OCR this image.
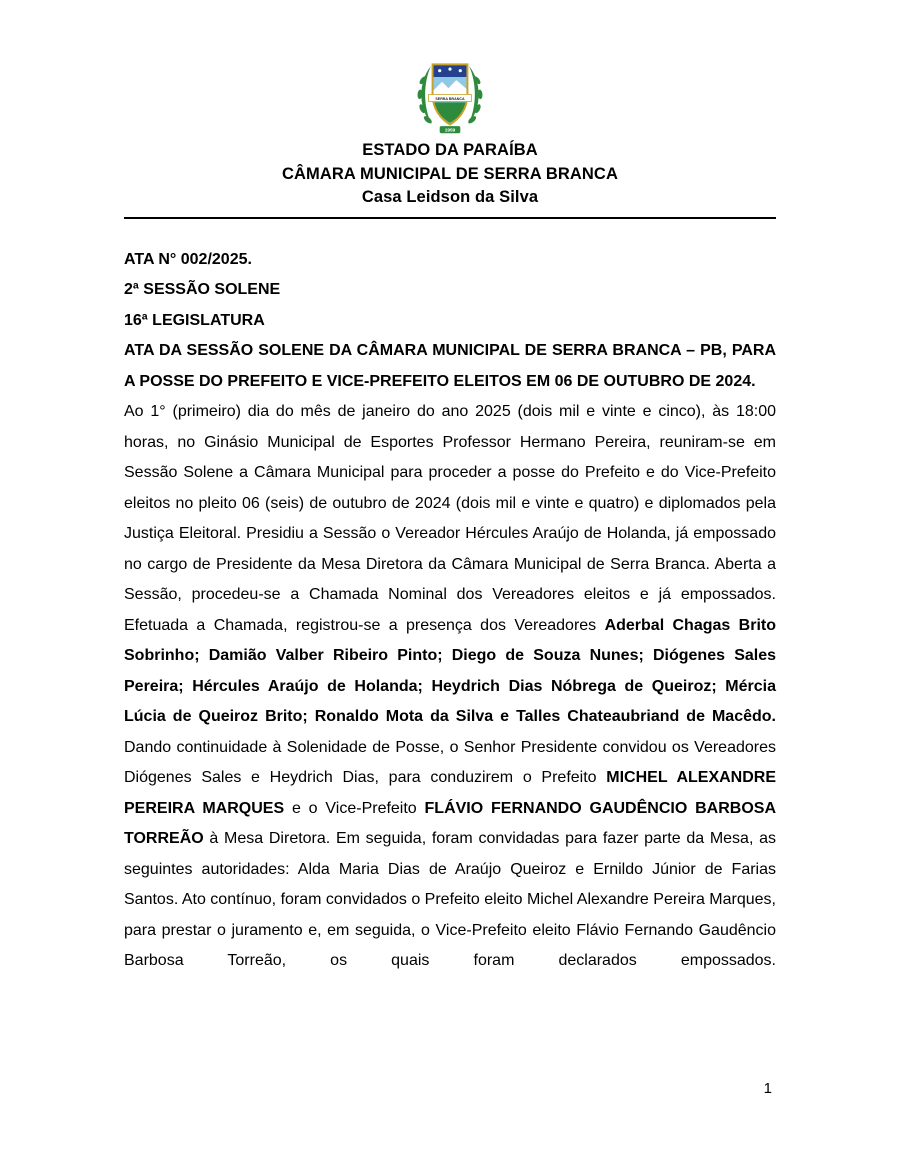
SERRA BRANCA
1959
ESTADO DA PARAÍBA
CÂMARA MUNICIPAL DE SERRA BRANCA
Casa Leidson da Silva
ATA N° 002/2025.
2ª SESSÃO SOLENE
16ª LEGISLATURA
ATA DA SESSÃO SOLENE DA CÂMARA MUNICIPAL DE SERRA BRANCA – PB, PARA A POSSE DO PREFEITO E VICE-PREFEITO ELEITOS EM 06 DE OUTUBRO DE 2024.

Ao 1° (primeiro) dia do mês de janeiro do ano 2025 (dois mil e vinte e cinco), às 18:00 horas, no Ginásio Municipal de Esportes Professor Hermano Pereira, reuniram-se em Sessão Solene a Câmara Municipal para proceder a posse do Prefeito e do Vice-Prefeito eleitos no pleito 06 (seis) de outubro de 2024 (dois mil e vinte e quatro) e diplomados pela Justiça Eleitoral. Presidiu a Sessão o Vereador Hércules Araújo de Holanda, já empossado no cargo de Presidente da Mesa Diretora da Câmara Municipal de Serra Branca. Aberta a Sessão, procedeu-se a Chamada Nominal dos Vereadores eleitos e já empossados. Efetuada a Chamada, registrou-se a presença dos Vereadores Aderbal Chagas Brito Sobrinho; Damião Valber Ribeiro Pinto; Diego de Souza Nunes; Diógenes Sales Pereira; Hércules Araújo de Holanda; Heydrich Dias Nóbrega de Queiroz; Mércia Lúcia de Queiroz Brito; Ronaldo Mota da Silva e Talles Chateaubriand de Macêdo. Dando continuidade à Solenidade de Posse, o Senhor Presidente convidou os Vereadores Diógenes Sales e Heydrich Dias, para conduzirem o Prefeito MICHEL ALEXANDRE PEREIRA MARQUES e o Vice-Prefeito FLÁVIO FERNANDO GAUDÊNCIO BARBOSA TORREÃO à Mesa Diretora. Em seguida, foram convidadas para fazer parte da Mesa, as seguintes autoridades: Alda Maria Dias de Araújo Queiroz e Ernildo Júnior de Farias Santos. Ato contínuo, foram convidados o Prefeito eleito Michel Alexandre Pereira Marques, para prestar o juramento e, em seguida, o Vice-Prefeito eleito Flávio Fernando Gaudêncio Barbosa Torreão, os quais foram declarados empossados.

1
